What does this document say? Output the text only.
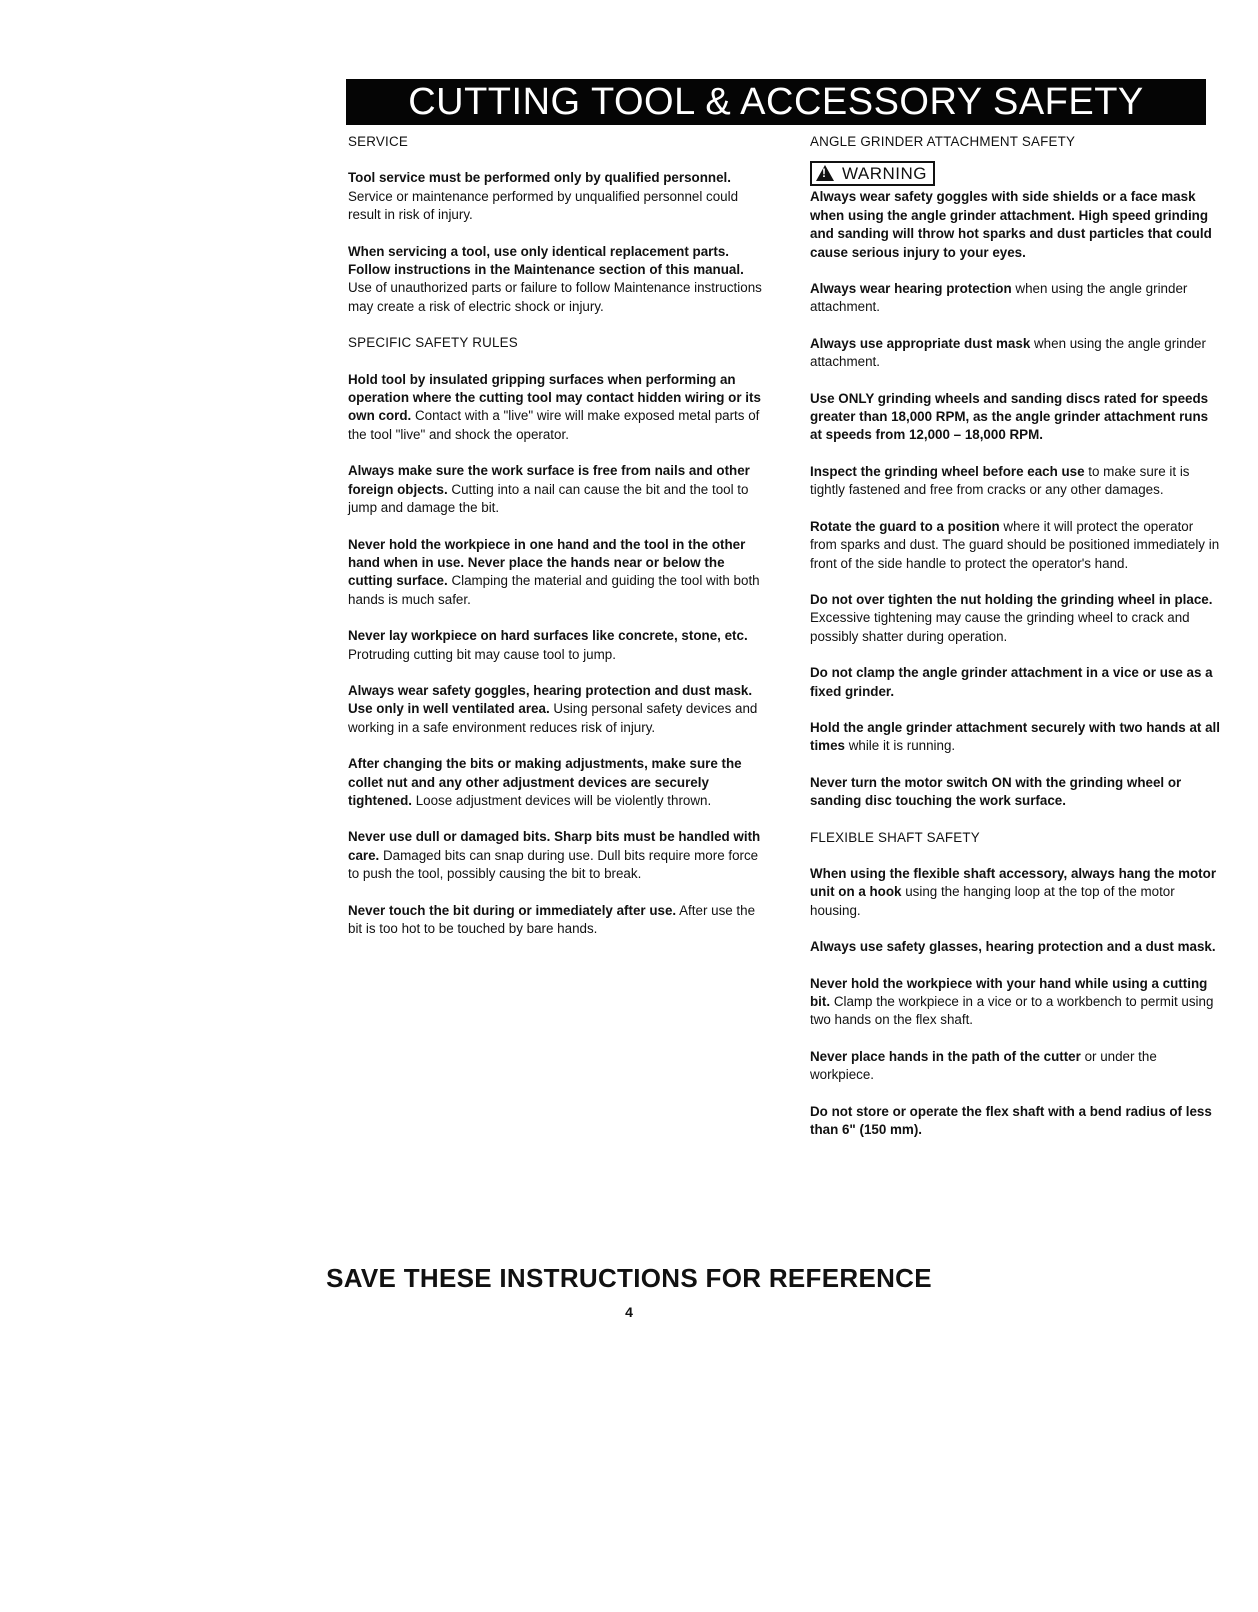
CUTTING TOOL & ACCESSORY SAFETY
SERVICE

Tool service must be performed only by qualified personnel. Service or maintenance performed by unqualified personnel could result in risk of injury.

When servicing a tool, use only identical replacement parts. Follow instructions in the Maintenance section of this manual. Use of unauthorized parts or failure to follow Maintenance instructions may create a risk of electric shock or injury.

SPECIFIC SAFETY RULES

Hold tool by insulated gripping surfaces when performing an operation where the cutting tool may contact hidden wiring or its own cord. Contact with a "live" wire will make exposed metal parts of the tool "live" and shock the operator.

Always make sure the work surface is free from nails and other foreign objects. Cutting into a nail can cause the bit and the tool to jump and damage the bit.

Never hold the workpiece in one hand and the tool in the other hand when in use. Never place the hands near or below the cutting surface. Clamping the material and guiding the tool with both hands is much safer.

Never lay workpiece on hard surfaces like concrete, stone, etc. Protruding cutting bit may cause tool to jump.

Always wear safety goggles, hearing protection and dust mask. Use only in well ventilated area. Using personal safety devices and working in a safe environment reduces risk of injury.

After changing the bits or making adjustments, make sure the collet nut and any other adjustment devices are securely tightened. Loose adjustment devices will be violently thrown.

Never use dull or damaged bits. Sharp bits must be handled with care. Damaged bits can snap during use. Dull bits require more force to push the tool, possibly causing the bit to break.

Never touch the bit during or immediately after use. After use the bit is too hot to be touched by bare hands.

ANGLE GRINDER ATTACHMENT SAFETY
!WARNING

Always wear safety goggles with side shields or a face mask when using the angle grinder attachment. High speed grinding and sanding will throw hot sparks and dust particles that could cause serious injury to your eyes.

Always wear hearing protection when using the angle grinder attachment.

Always use appropriate dust mask when using the angle grinder attachment.

Use ONLY grinding wheels and sanding discs rated for speeds greater than 18,000 RPM, as the angle grinder attachment runs at speeds from 12,000 – 18,000 RPM.

Inspect the grinding wheel before each use to make sure it is tightly fastened and free from cracks or any other damages.

Rotate the guard to a position where it will protect the operator from sparks and dust. The guard should be positioned immediately in front of the side handle to protect the operator's hand.

Do not over tighten the nut holding the grinding wheel in place. Excessive tightening may cause the grinding wheel to crack and possibly shatter during operation.

Do not clamp the angle grinder attachment in a vice or use as a fixed grinder.

Hold the angle grinder attachment securely with two hands at all times while it is running.

Never turn the motor switch ON with the grinding wheel or sanding disc touching the work surface.

FLEXIBLE SHAFT SAFETY

When using the flexible shaft accessory, always hang the motor unit on a hook using the hanging loop at the top of the motor housing.

Always use safety glasses, hearing protection and a dust mask.

Never hold the workpiece with your hand while using a cutting bit. Clamp the workpiece in a vice or to a workbench to permit using two hands on the flex shaft.

Never place hands in the path of the cutter or under the workpiece.

Do not store or operate the flex shaft with a bend radius of less than 6" (150 mm).

SAVE THESE INSTRUCTIONS FOR REFERENCE
4
